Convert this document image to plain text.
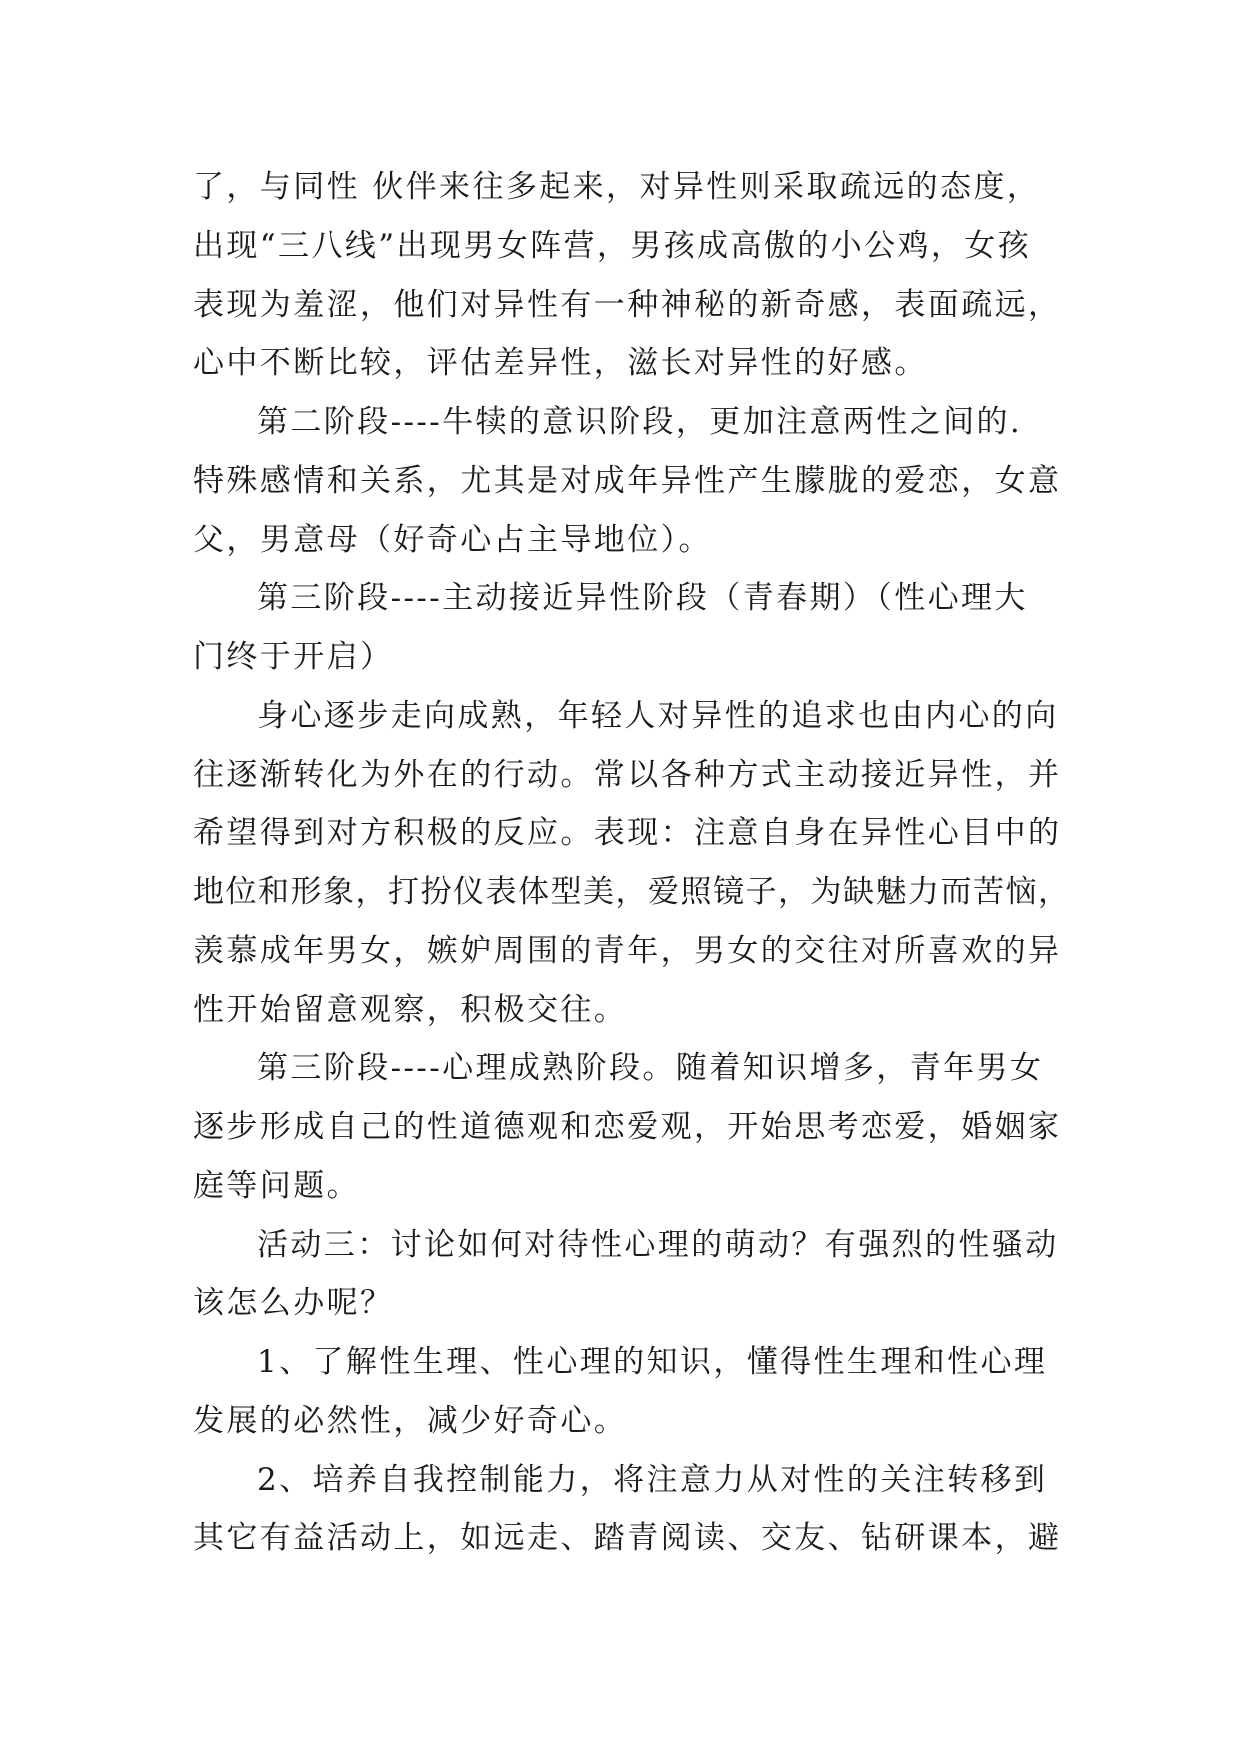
了，与同性 伙伴来往多起来，对异性则采取疏远的态度，
出现“三八线”出现男女阵营，男孩成高傲的小公鸡，女孩
表现为羞涩，他们对异性有一种神秘的新奇感，表面疏远，
心中不断比较，评估差异性，滋长对异性的好感。
第二阶段----牛犊的意识阶段，更加注意两性之间的.
特殊感情和关系，尤其是对成年异性产生朦胧的爱恋，女意
父，男意母（好奇心占主导地位）。
第三阶段----主动接近异性阶段（青春期）（性心理大
门终于开启）
身心逐步走向成熟，年轻人对异性的追求也由内心的向
往逐渐转化为外在的行动。常以各种方式主动接近异性，并
希望得到对方积极的反应。表现：注意自身在异性心目中的
地位和形象，打扮仪表体型美，爱照镜子，为缺魅力而苦恼，
羡慕成年男女，嫉妒周围的青年，男女的交往对所喜欢的异
性开始留意观察，积极交往。
第三阶段----心理成熟阶段。随着知识增多，青年男女
逐步形成自己的性道德观和恋爱观，开始思考恋爱，婚姻家
庭等问题。
活动三：讨论如何对待性心理的萌动？有强烈的性骚动
该怎么办呢？
1、了解性生理、性心理的知识，懂得性生理和性心理
发展的必然性，减少好奇心。
2、培养自我控制能力，将注意力从对性的关注转移到
其它有益活动上，如远走、踏青阅读、交友、钻研课本，避
